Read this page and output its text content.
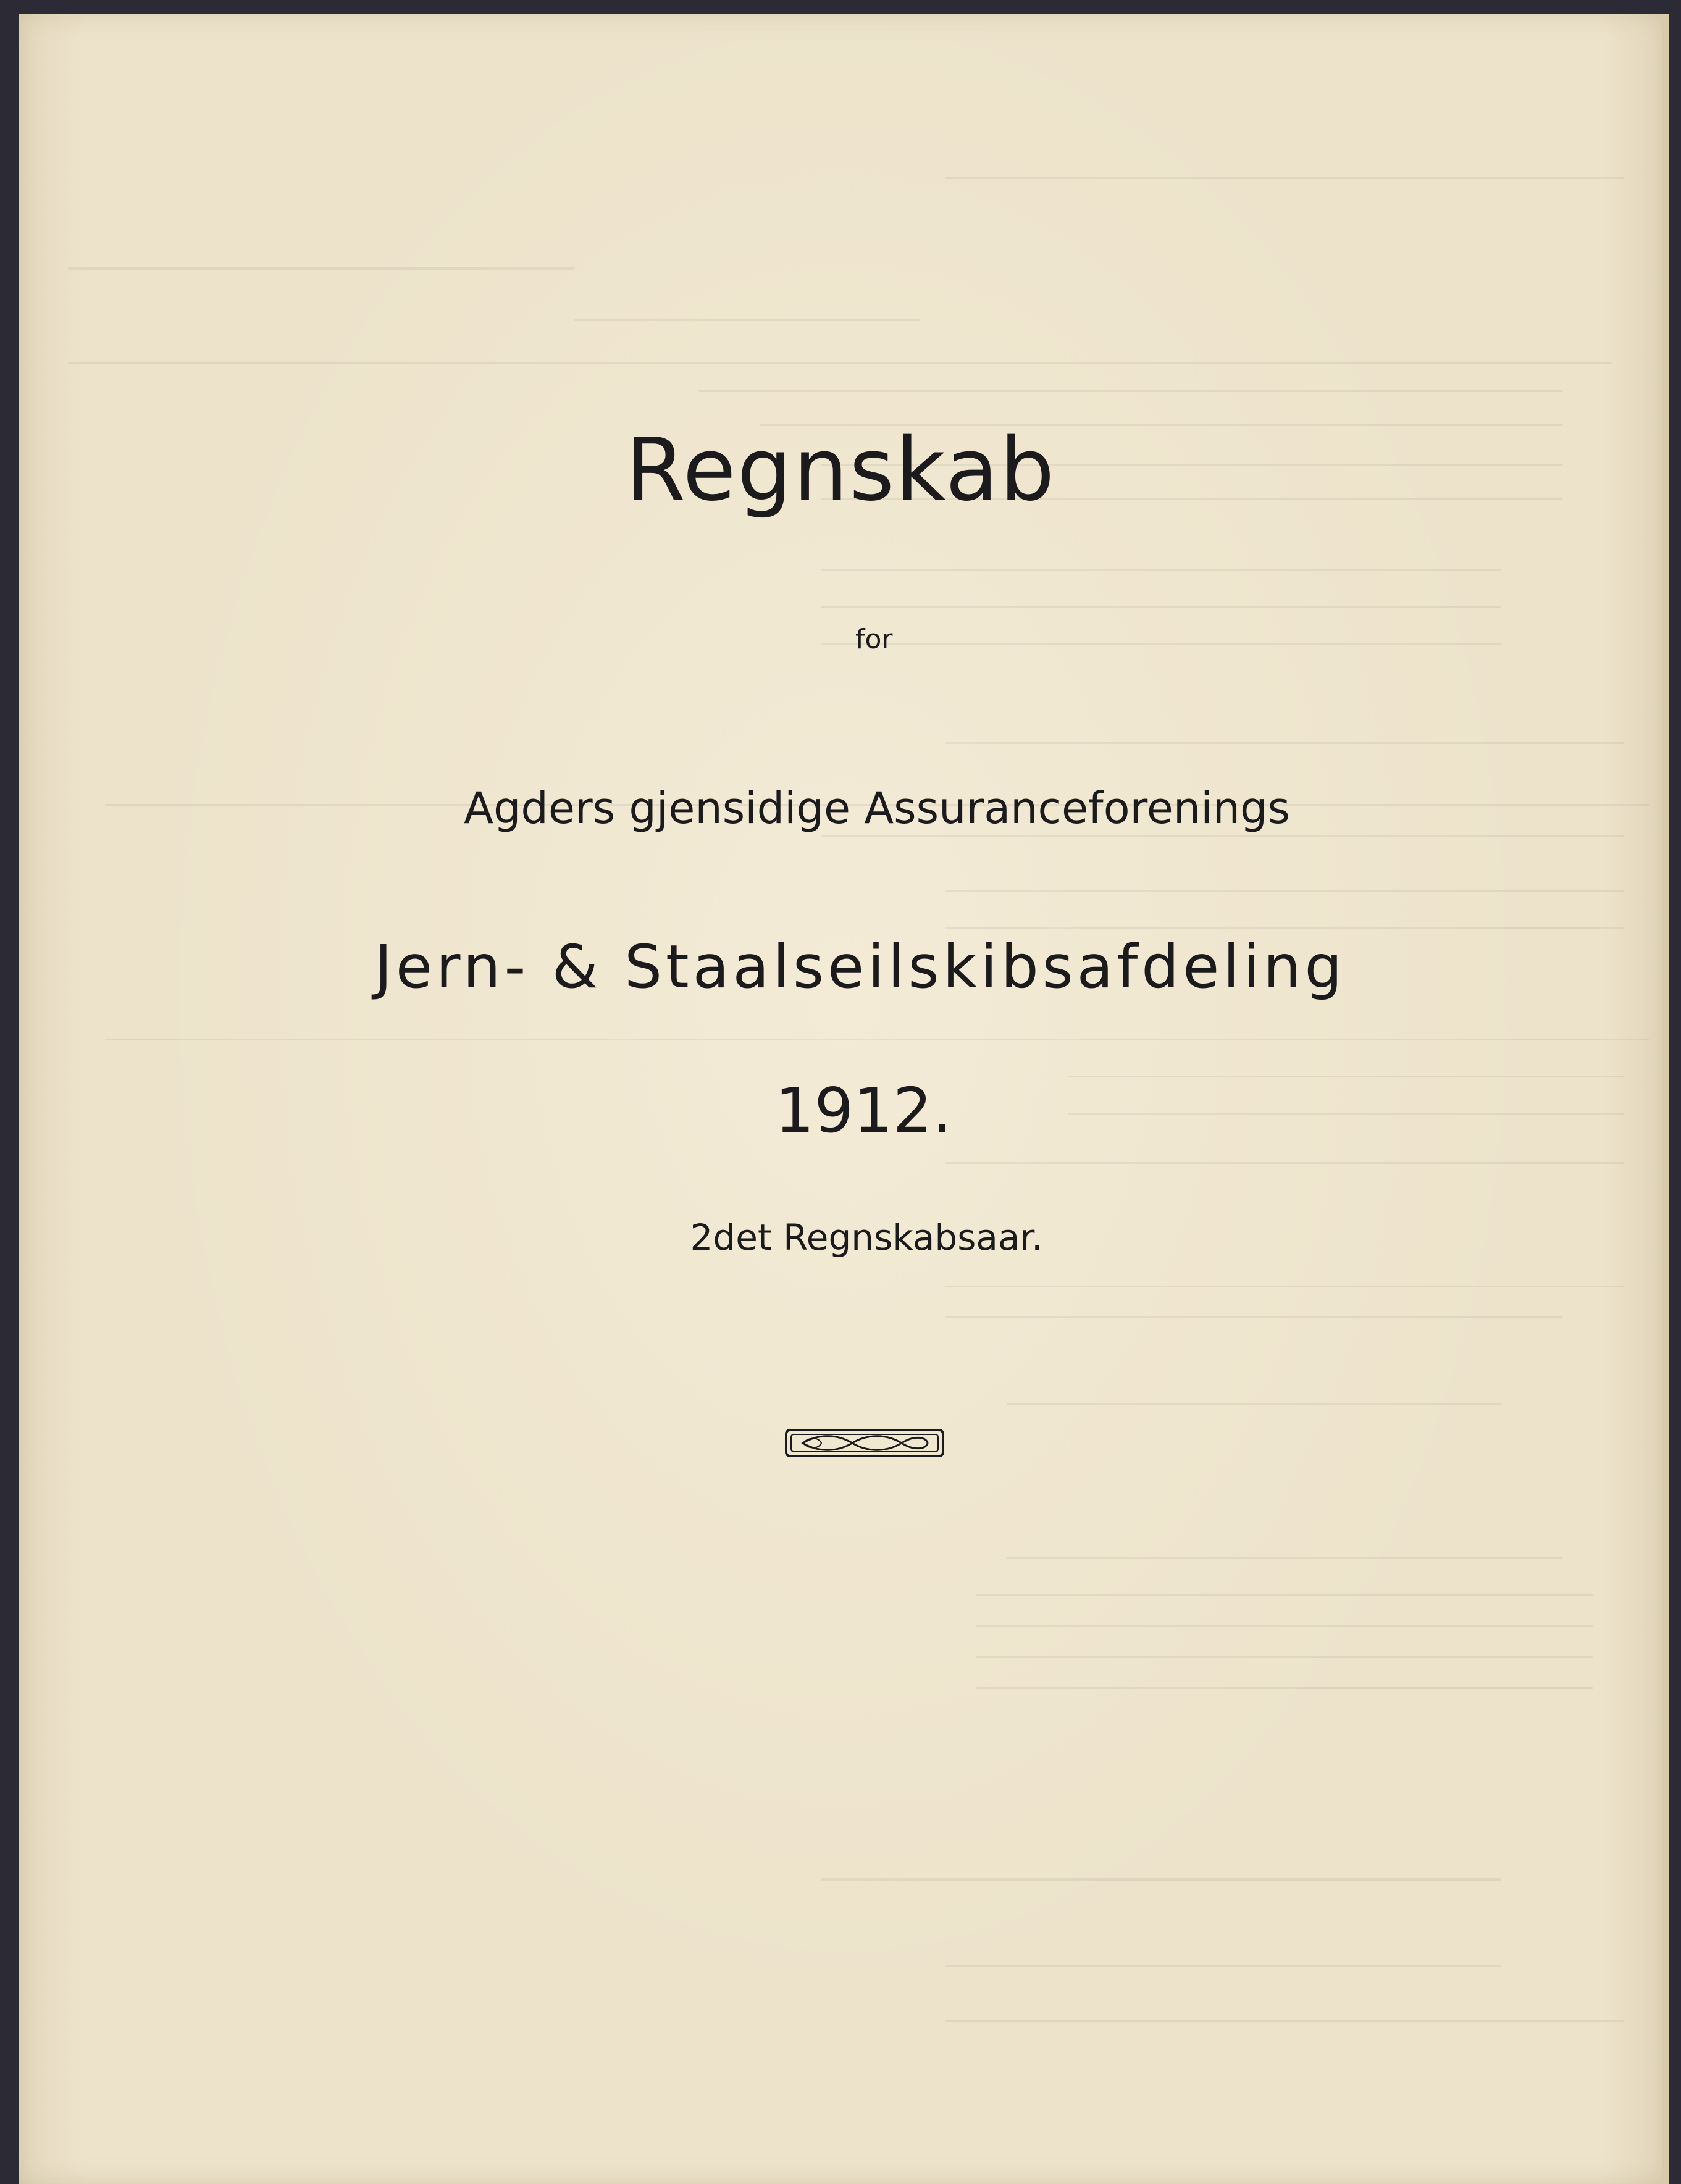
Regnskab
for
Agders gjensidige Assuranceforenings
Jern- & Staalseilskibsafdeling
1912.
2det Regnskabsaar.
